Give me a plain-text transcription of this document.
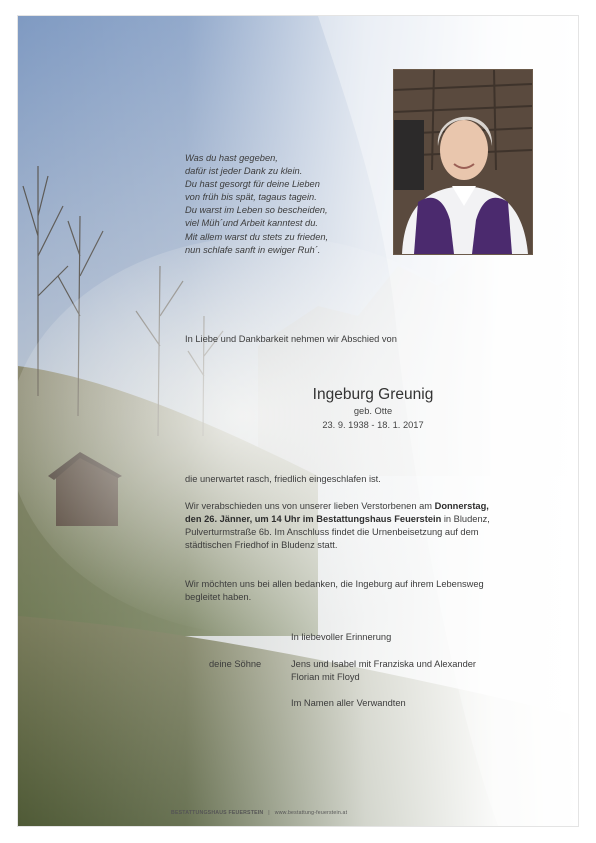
Was du hast gegeben,
dafür ist jeder Dank zu klein.
Du hast gesorgt für deine Lieben
von früh bis spät, tagaus tagein.
Du warst im Leben so bescheiden,
viel Müh´und Arbeit kanntest du.
Mit allem warst du stets zu frieden,
nun schlafe sanft in ewiger Ruh´.
In Liebe und Dankbarkeit nehmen wir Abschied von
Ingeburg Greunig
geb. Otte
23. 9. 1938 - 18. 1. 2017
die unerwartet rasch, friedlich eingeschlafen ist.
Wir verabschieden uns von unserer lieben Verstorbenen am Donnerstag,
den 26. Jänner, um 14 Uhr im Bestattungshaus Feuerstein in Bludenz,
Pulverturmstraße 6b. Im Anschluss findet die Urnenbeisetzung auf dem
städtischen Friedhof in Bludenz statt.
Wir möchten uns bei allen bedanken, die Ingeburg auf ihrem Lebensweg
begleitet haben.
In liebevoller Erinnerung
deine Söhne	Jens und Isabel mit Franziska und Alexander
Florian mit Floyd
Im Namen aller Verwandten
BESTATTUNGSHAUS FEUERSTEIN | www.bestattung-feuerstein.at
